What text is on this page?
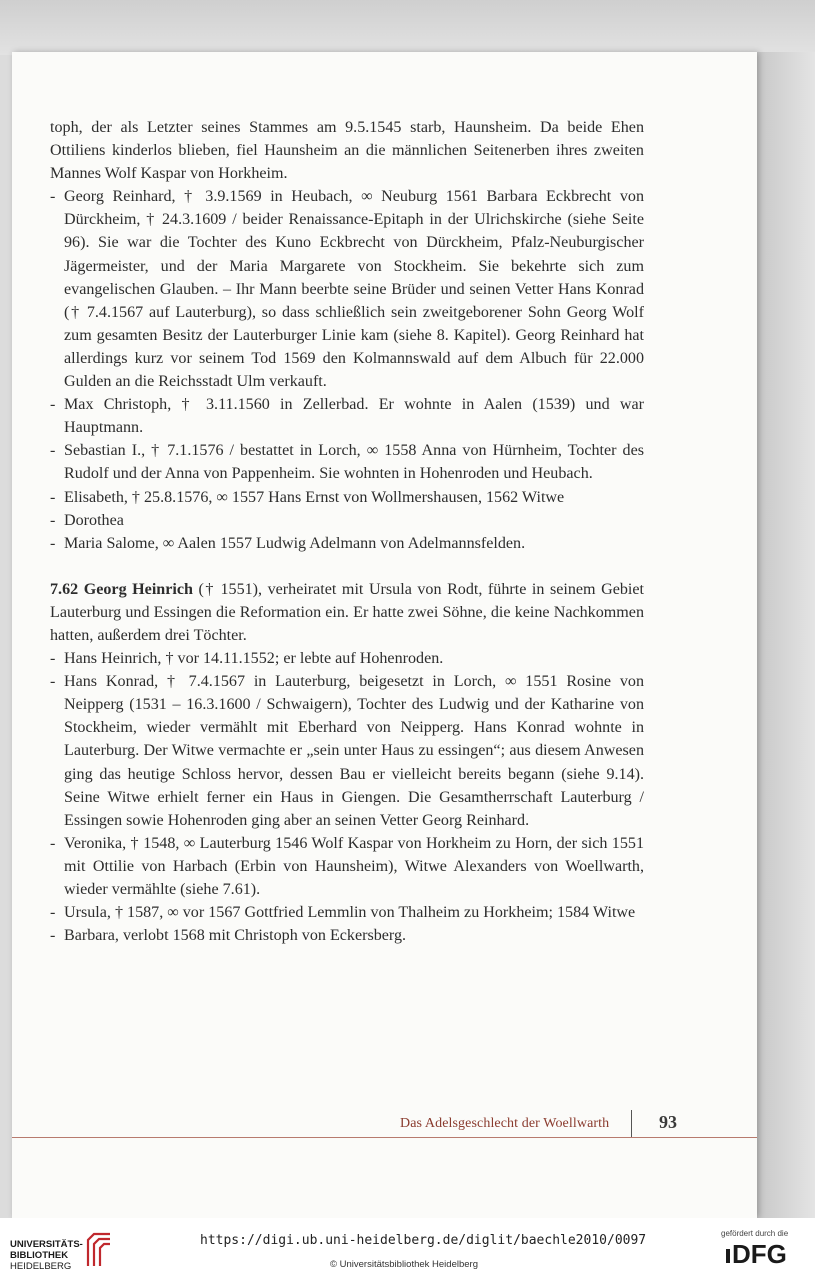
toph, der als Letzter seines Stammes am 9.5.1545 starb, Haunsheim. Da beide Ehen Ottiliens kinderlos blieben, fiel Haunsheim an die männlichen Seitenerben ihres zweiten Mannes Wolf Kaspar von Horkheim.

- Georg Reinhard, † 3.9.1569 in Heubach, ∞ Neuburg 1561 Barbara Eckbrecht von Dürckheim, † 24.3.1609 / beider Renaissance-Epitaph in der Ulrichskirche (siehe Seite 96). Sie war die Tochter des Kuno Eckbrecht von Dürckheim, Pfalz-Neuburgischer Jägermeister, und der Maria Margarete von Stockheim. Sie bekehrte sich zum evangelischen Glauben. – Ihr Mann beerbte seine Brüder und seinen Vetter Hans Konrad († 7.4.1567 auf Lauterburg), so dass schließlich sein zweitgeborener Sohn Georg Wolf zum gesamten Besitz der Lauterburger Linie kam (siehe 8. Kapitel). Georg Reinhard hat allerdings kurz vor seinem Tod 1569 den Kolmannswald auf dem Albuch für 22.000 Gulden an die Reichsstadt Ulm verkauft.

- Max Christoph, † 3.11.1560 in Zellerbad. Er wohnte in Aalen (1539) und war Hauptmann.

- Sebastian I., † 7.1.1576 / bestattet in Lorch, ∞ 1558 Anna von Hürnheim, Tochter des Rudolf und der Anna von Pappenheim. Sie wohnten in Hohenroden und Heubach.

- Elisabeth, † 25.8.1576, ∞ 1557 Hans Ernst von Wollmershausen, 1562 Witwe

- Dorothea

- Maria Salome, ∞ Aalen 1557 Ludwig Adelmann von Adelmannsfelden.

7.62 Georg Heinrich († 1551), verheiratet mit Ursula von Rodt, führte in seinem Gebiet Lauterburg und Essingen die Reformation ein. Er hatte zwei Söhne, die keine Nachkommen hatten, außerdem drei Töchter.

- Hans Heinrich, † vor 14.11.1552; er lebte auf Hohenroden.

- Hans Konrad, † 7.4.1567 in Lauterburg, beigesetzt in Lorch, ∞ 1551 Rosine von Neipperg (1531 – 16.3.1600 / Schwaigern), Tochter des Ludwig und der Katharine von Stockheim, wieder vermählt mit Eberhard von Neipperg. Hans Konrad wohnte in Lauterburg. Der Witwe vermachte er „sein unter Haus zu essingen“; aus diesem Anwesen ging das heutige Schloss hervor, dessen Bau er vielleicht bereits begann (siehe 9.14). Seine Witwe erhielt ferner ein Haus in Giengen. Die Gesamtherrschaft Lauterburg / Essingen sowie Hohenroden ging aber an seinen Vetter Georg Reinhard.

- Veronika, † 1548, ∞ Lauterburg 1546 Wolf Kaspar von Horkheim zu Horn, der sich 1551 mit Ottilie von Harbach (Erbin von Haunsheim), Witwe Alexanders von Woellwarth, wieder vermählte (siehe 7.61).

- Ursula, † 1587, ∞ vor 1567 Gottfried Lemmlin von Thalheim zu Horkheim; 1584 Witwe

- Barbara, verlobt 1568 mit Christoph von Eckersberg.

Das Adelsgeschlecht der Woellwarth	93
UNIVERSITÄTS-
BIBLIOTHEK
HEIDELBERG
https://digi.ub.uni-heidelberg.de/diglit/baechle2010/0097
© Universitätsbibliothek Heidelberg
gefördert durch die
DFG
